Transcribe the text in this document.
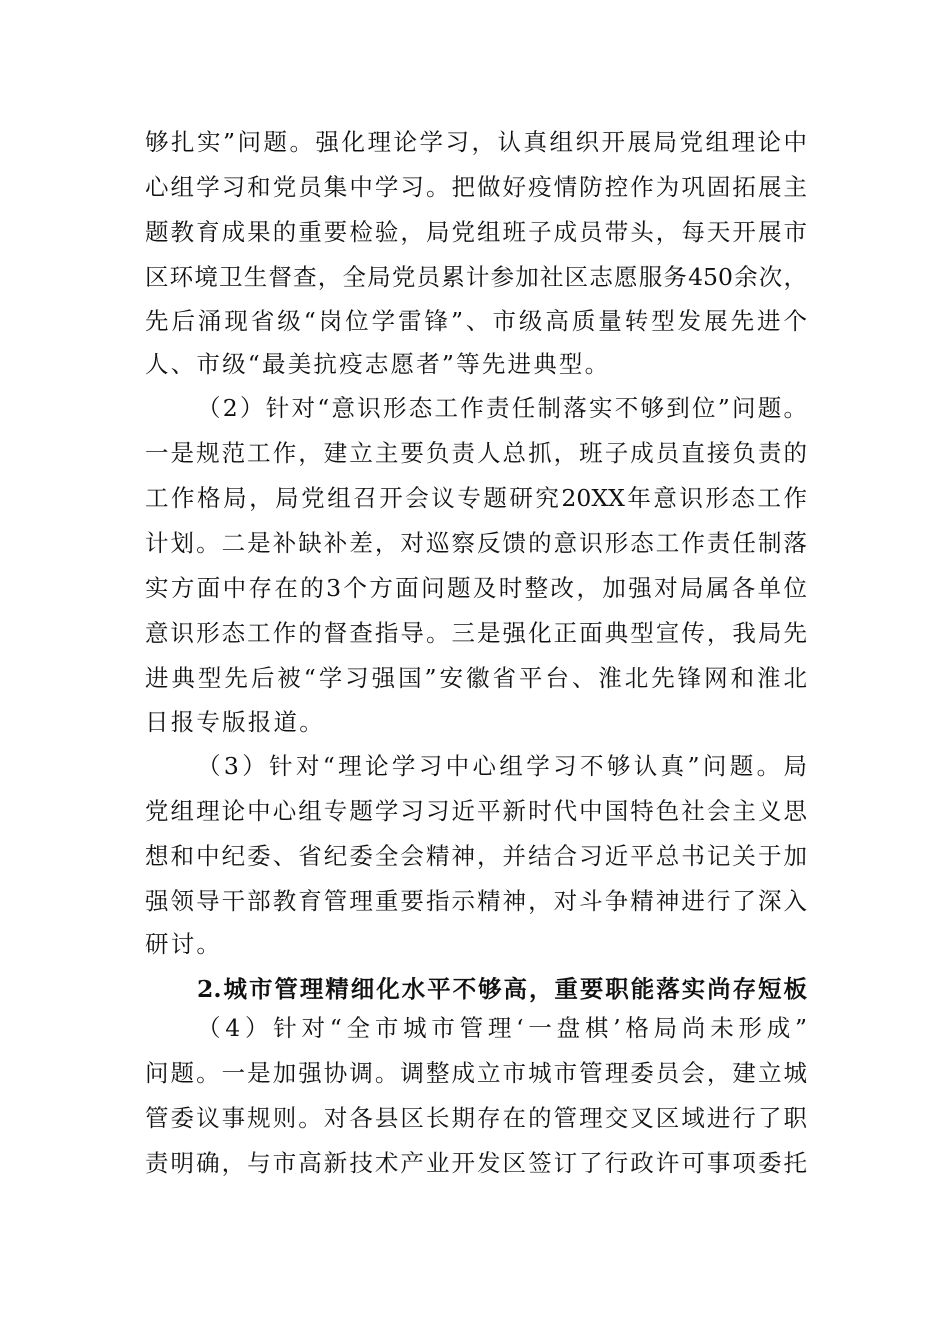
够扎实”问题。强化理论学习，认真组织开展局党组理论中
心组学习和党员集中学习。把做好疫情防控作为巩固拓展主
题教育成果的重要检验，局党组班子成员带头，每天开展市
区环境卫生督查，全局党员累计参加社区志愿服务450余次，
先后涌现省级“岗位学雷锋”、市级高质量转型发展先进个
人、市级“最美抗疫志愿者”等先进典型。
（2）针对“意识形态工作责任制落实不够到位”问题。
一是规范工作，建立主要负责人总抓，班子成员直接负责的
工作格局，局党组召开会议专题研究20XX年意识形态工作
计划。二是补缺补差，对巡察反馈的意识形态工作责任制落
实方面中存在的3个方面问题及时整改，加强对局属各单位
意识形态工作的督查指导。三是强化正面典型宣传，我局先
进典型先后被“学习强国”安徽省平台、淮北先锋网和淮北
日报专版报道。
（3）针对“理论学习中心组学习不够认真”问题。局
党组理论中心组专题学习习近平新时代中国特色社会主义思
想和中纪委、省纪委全会精神，并结合习近平总书记关于加
强领导干部教育管理重要指示精神，对斗争精神进行了深入
研讨。
2.城市管理精细化水平不够高，重要职能落实尚存短板
（4）针对“全市城市管理‘一盘棋’格局尚未形成”
问题。一是加强协调。调整成立市城市管理委员会，建立城
管委议事规则。对各县区长期存在的管理交叉区域进行了职
责明确，与市高新技术产业开发区签订了行政许可事项委托
